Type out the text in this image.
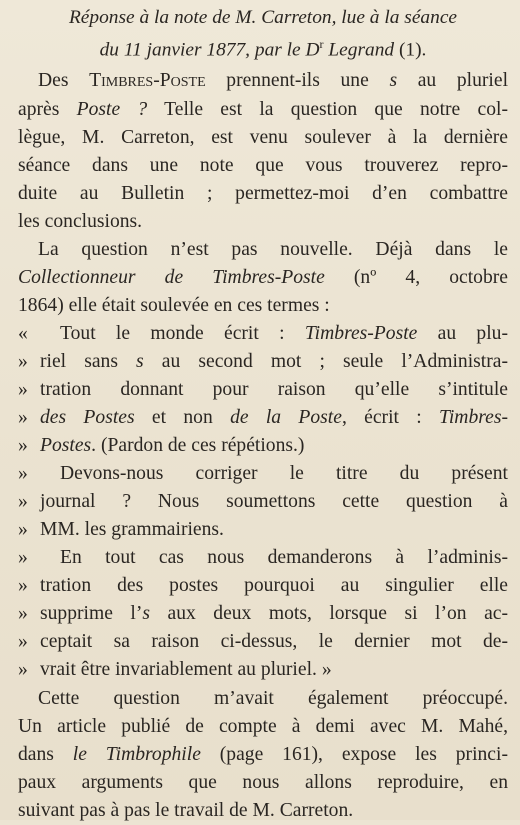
Réponse à la note de M. Carreton, lue à la séance
du 11 janvier 1877, par le $D^r$ Legrand (1).
Des Timbres-Poste prennent-ils une s au pluriel
après Poste ? Telle est la question que notre col-
lègue, M. Carreton, est venu soulever à la dernière
séance dans une note que vous trouverez repro-
duite au Bulletin ; permettez-moi d’en combattre
les conclusions.
La question n’est pas nouvelle. Déjà dans le
Collectionneur de Timbres-Poste (nº 4, octobre
1864) elle était soulevée en ces termes :
« Tout le monde écrit : Timbres-Poste au plu-
» riel sans s au second mot ; seule l’Administra-
» tration donnant pour raison qu’elle s’intitule
» des Postes et non de la Poste, écrit : Timbres-
» Postes. (Pardon de ces répétions.)
» Devons-nous corriger le titre du présent
» journal ? Nous soumettons cette question à
» MM. les grammairiens.
» En tout cas nous demanderons à l’adminis-
» tration des postes pourquoi au singulier elle
» supprime l’s aux deux mots, lorsque si l’on ac-
» ceptait sa raison ci-dessus, le dernier mot de-
» vrait être invariablement au pluriel. »
Cette question m’avait également préoccupé.
Un article publié de compte à demi avec M. Mahé,
dans le Timbrophile (page 161), expose les princi-
paux arguments que nous allons reproduire, en
suivant pas à pas le travail de M. Carreton.
